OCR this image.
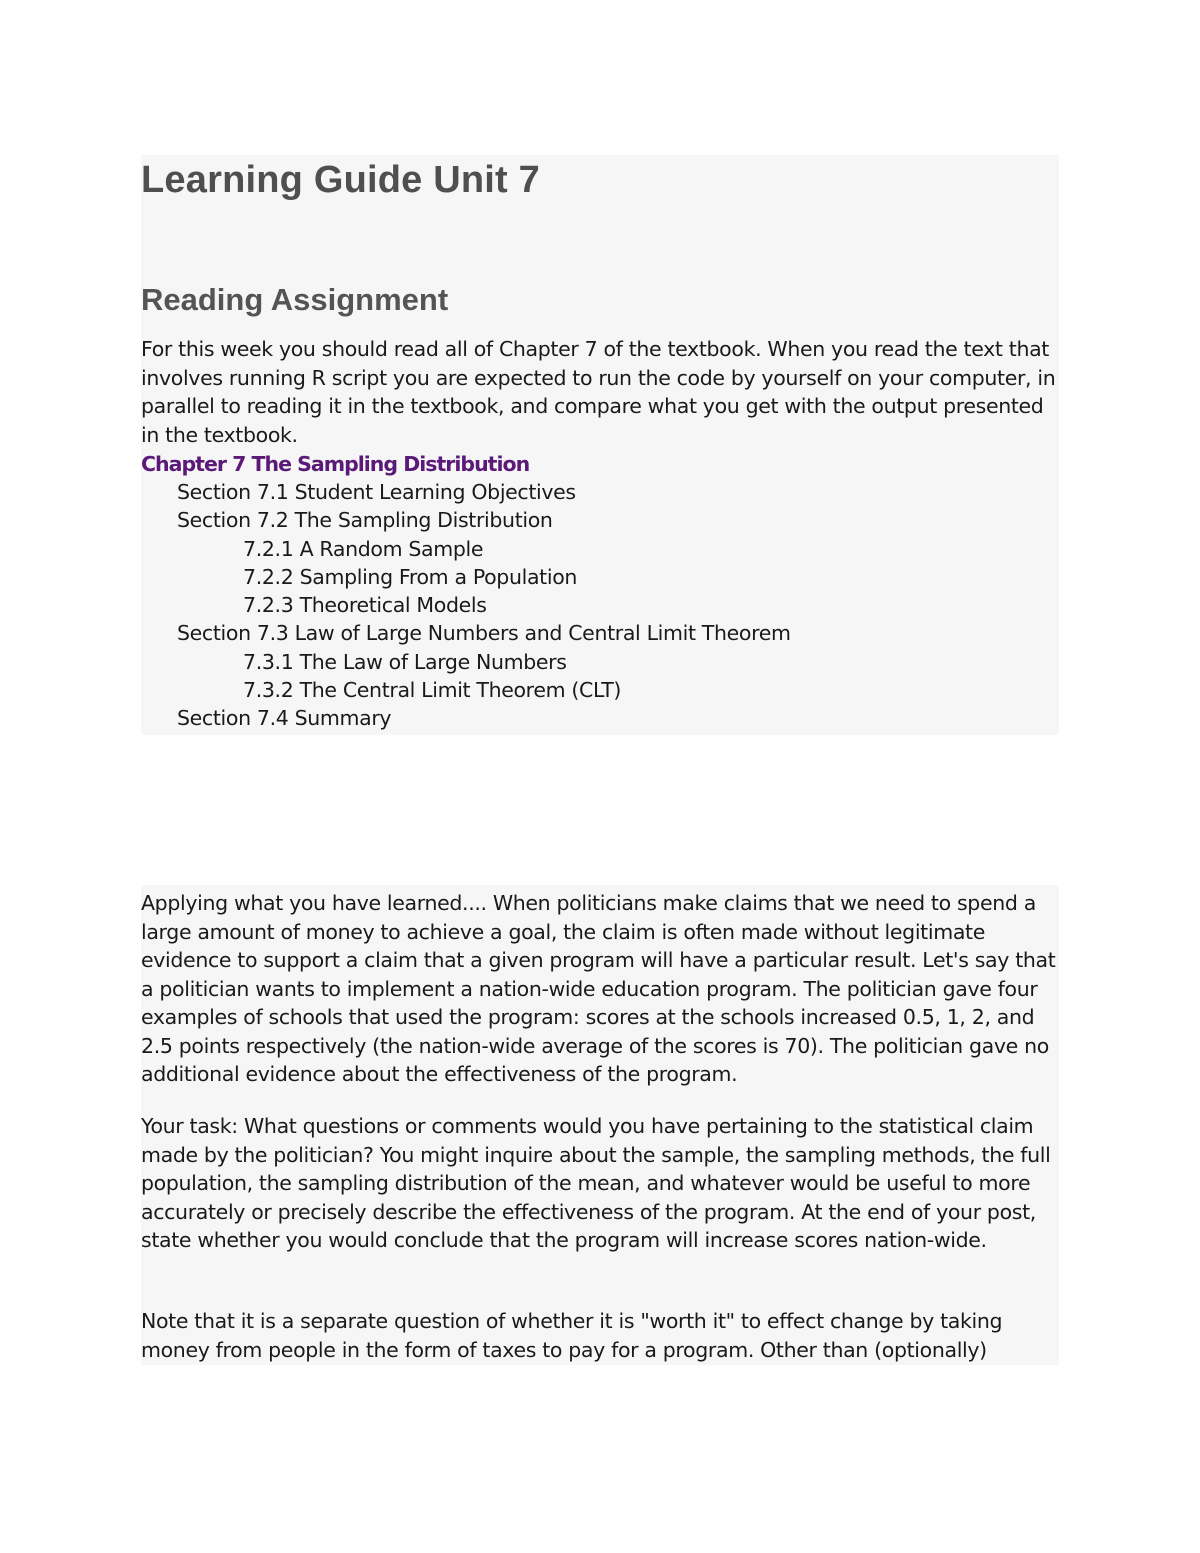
Learning Guide Unit 7
Reading Assignment

For this week you should read all of Chapter 7 of the textbook. When you read the text that involves running R script you are expected to run the code by yourself on your computer, in parallel to reading it in the textbook, and compare what you get with the output presented in the textbook.

Chapter 7 The Sampling Distribution
Section 7.1 Student Learning Objectives
Section 7.2 The Sampling Distribution
7.2.1 A Random Sample
7.2.2 Sampling From a Population
7.2.3 Theoretical Models
Section 7.3 Law of Large Numbers and Central Limit Theorem
7.3.1 The Law of Large Numbers
7.3.2 The Central Limit Theorem (CLT)
Section 7.4 Summary

Applying what you have learned.... When politicians make claims that we need to spend a large amount of money to achieve a goal, the claim is often made without legitimate evidence to support a claim that a given program will have a particular result. Let's say that a politician wants to implement a nation-wide education program. The politician gave four examples of schools that used the program: scores at the schools increased 0.5, 1, 2, and 2.5 points respectively (the nation-wide average of the scores is 70). The politician gave no additional evidence about the effectiveness of the program.

Your task: What questions or comments would you have pertaining to the statistical claim made by the politician? You might inquire about the sample, the sampling methods, the full population, the sampling distribution of the mean, and whatever would be useful to more accurately or precisely describe the effectiveness of the program. At the end of your post, state whether you would conclude that the program will increase scores nation-wide.

Note that it is a separate question of whether it is "worth it" to effect change by taking money from people in the form of taxes to pay for a program. Other than (optionally)
